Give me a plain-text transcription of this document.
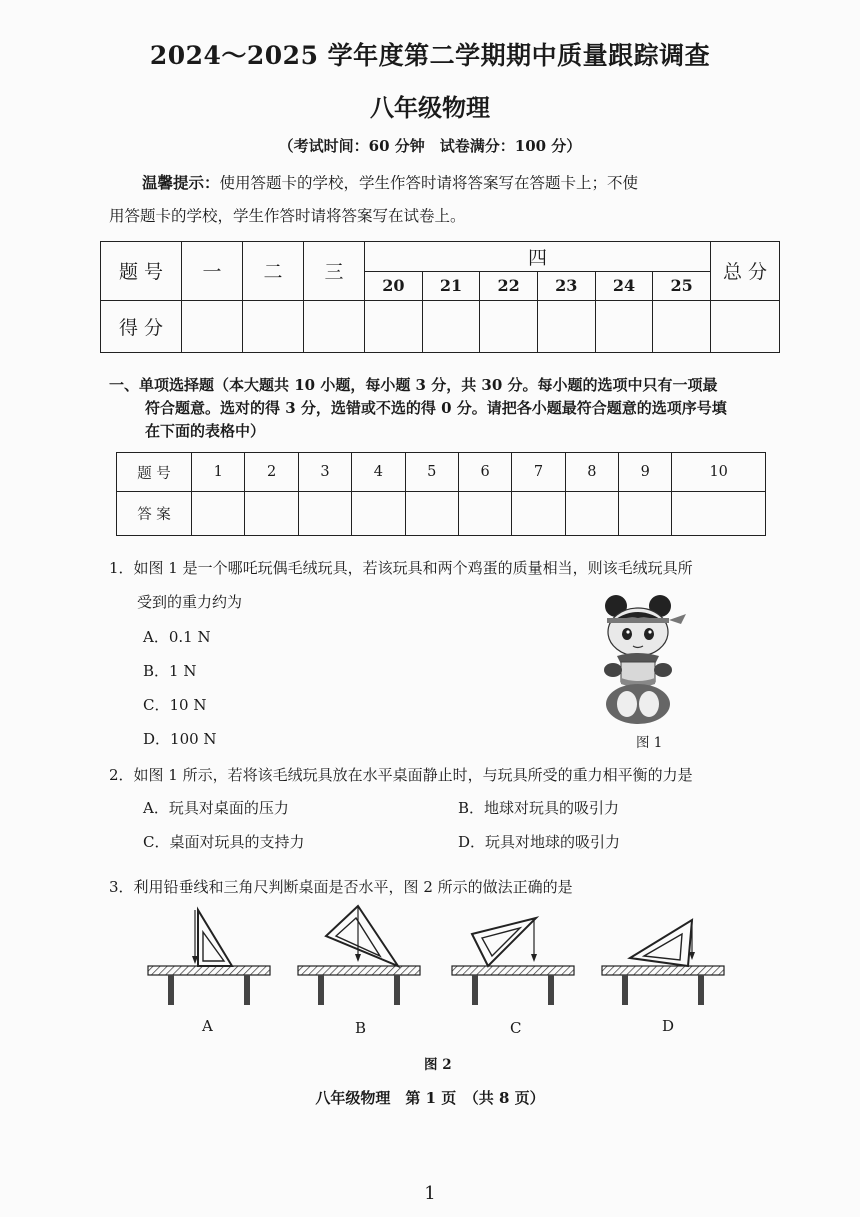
2024～2025 学年度第二学期期中质量跟踪调查
八年级物理
（考试时间：60 分钟　试卷满分：100 分）
温馨提示：使用答题卡的学校，学生作答时请将答案写在答题卡上；不使
用答题卡的学校，学生作答时请将答案写在试卷上。
题 号	一	二	三	四						总 分
				20	21	22	23	24	25	
得 分										
一、单项选择题（本大题共 10 小题，每小题 3 分，共 30 分。每小题的选项中只有一项最
符合题意。选对的得 3 分，选错或不选的得 0 分。请把各小题最符合题意的选项序号填
在下面的表格中）
题 号	1	2	3	4	5	6	7	8	9	10
答 案										
1．如图 1 是一个哪吒玩偶毛绒玩具，若该玩具和两个鸡蛋的质量相当，则该毛绒玩具所
受到的重力约为
A．0.1 N
B．1 N
C．10 N
D．100 N	图 1
2．如图 1 所示，若将该毛绒玩具放在水平桌面静止时，与玩具所受的重力相平衡的力是
A．玩具对桌面的压力	B．地球对玩具的吸引力
C．桌面对玩具的支持力	D．玩具对地球的吸引力
3．利用铅垂线和三角尺判断桌面是否水平，图 2 所示的做法正确的是
A	B	C	D
图 2
八年级物理　第 1 页　（共 8 页）
1
